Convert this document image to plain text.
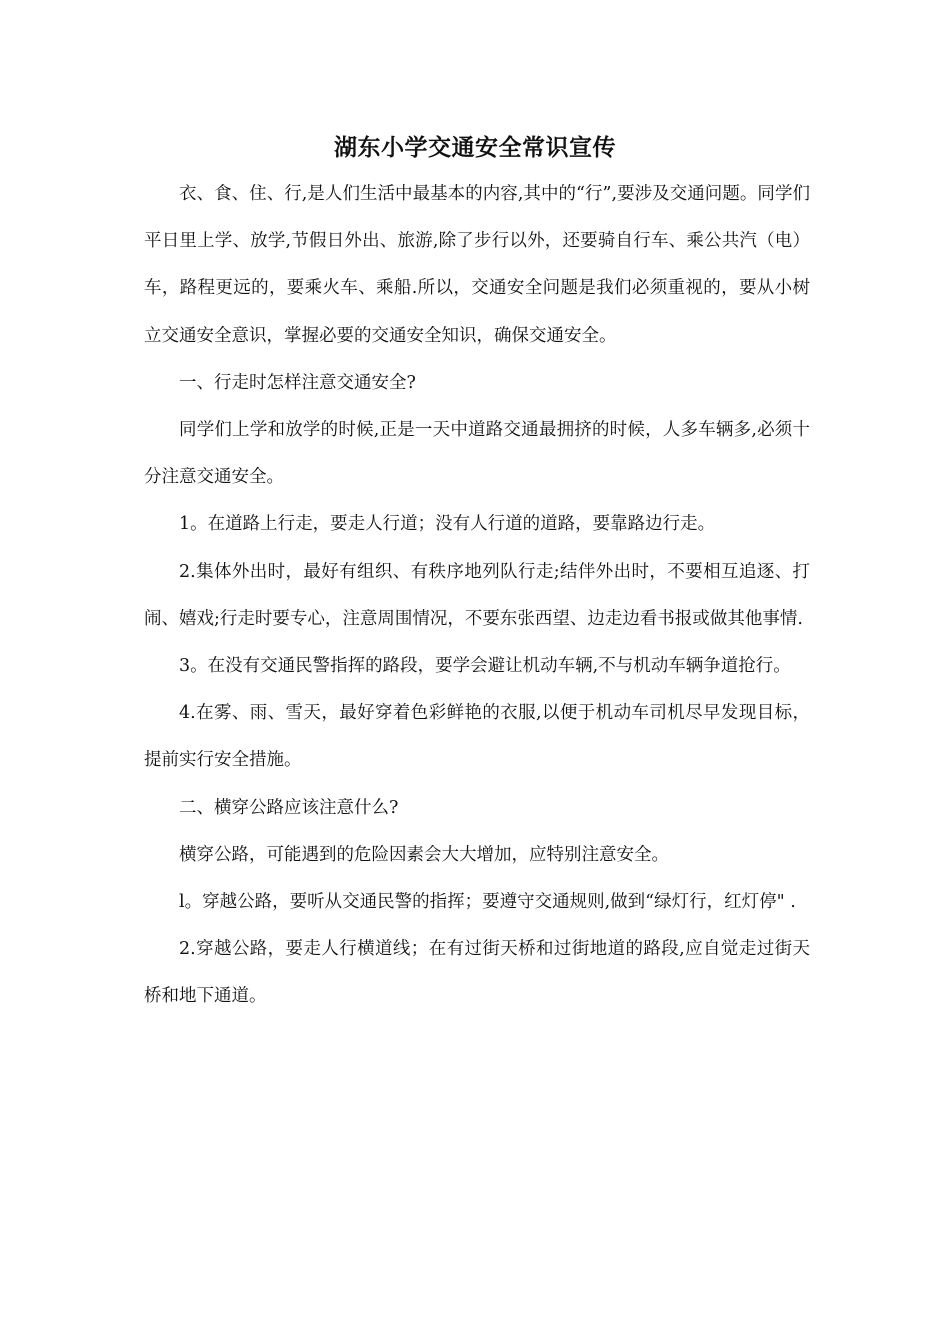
湖东小学交通安全常识宣传

衣、食、住、行,是人们生活中最基本的内容,其中的“行”,要涉及交通问题。同学们平日里上学、放学,节假日外出、旅游,除了步行以外，还要骑自行车、乘公共汽（电）车，路程更远的，要乘火车、乘船.所以，交通安全问题是我们必须重视的，要从小树立交通安全意识，掌握必要的交通安全知识，确保交通安全。

一、行走时怎样注意交通安全?

同学们上学和放学的时候,正是一天中道路交通最拥挤的时候，人多车辆多,必须十分注意交通安全。

1。在道路上行走，要走人行道；没有人行道的道路，要靠路边行走。

2.集体外出时，最好有组织、有秩序地列队行走;结伴外出时，不要相互追逐、打闹、嬉戏;行走时要专心，注意周围情况，不要东张西望、边走边看书报或做其他事情.

3。在没有交通民警指挥的路段，要学会避让机动车辆,不与机动车辆争道抢行。

4.在雾、雨、雪天，最好穿着色彩鲜艳的衣服,以便于机动车司机尽早发现目标，提前实行安全措施。

二、横穿公路应该注意什么?

横穿公路，可能遇到的危险因素会大大增加，应特别注意安全。

l。穿越公路，要听从交通民警的指挥；要遵守交通规则,做到“绿灯行，红灯停" .

2.穿越公路，要走人行横道线；在有过街天桥和过街地道的路段,应自觉走过街天桥和地下通道。
